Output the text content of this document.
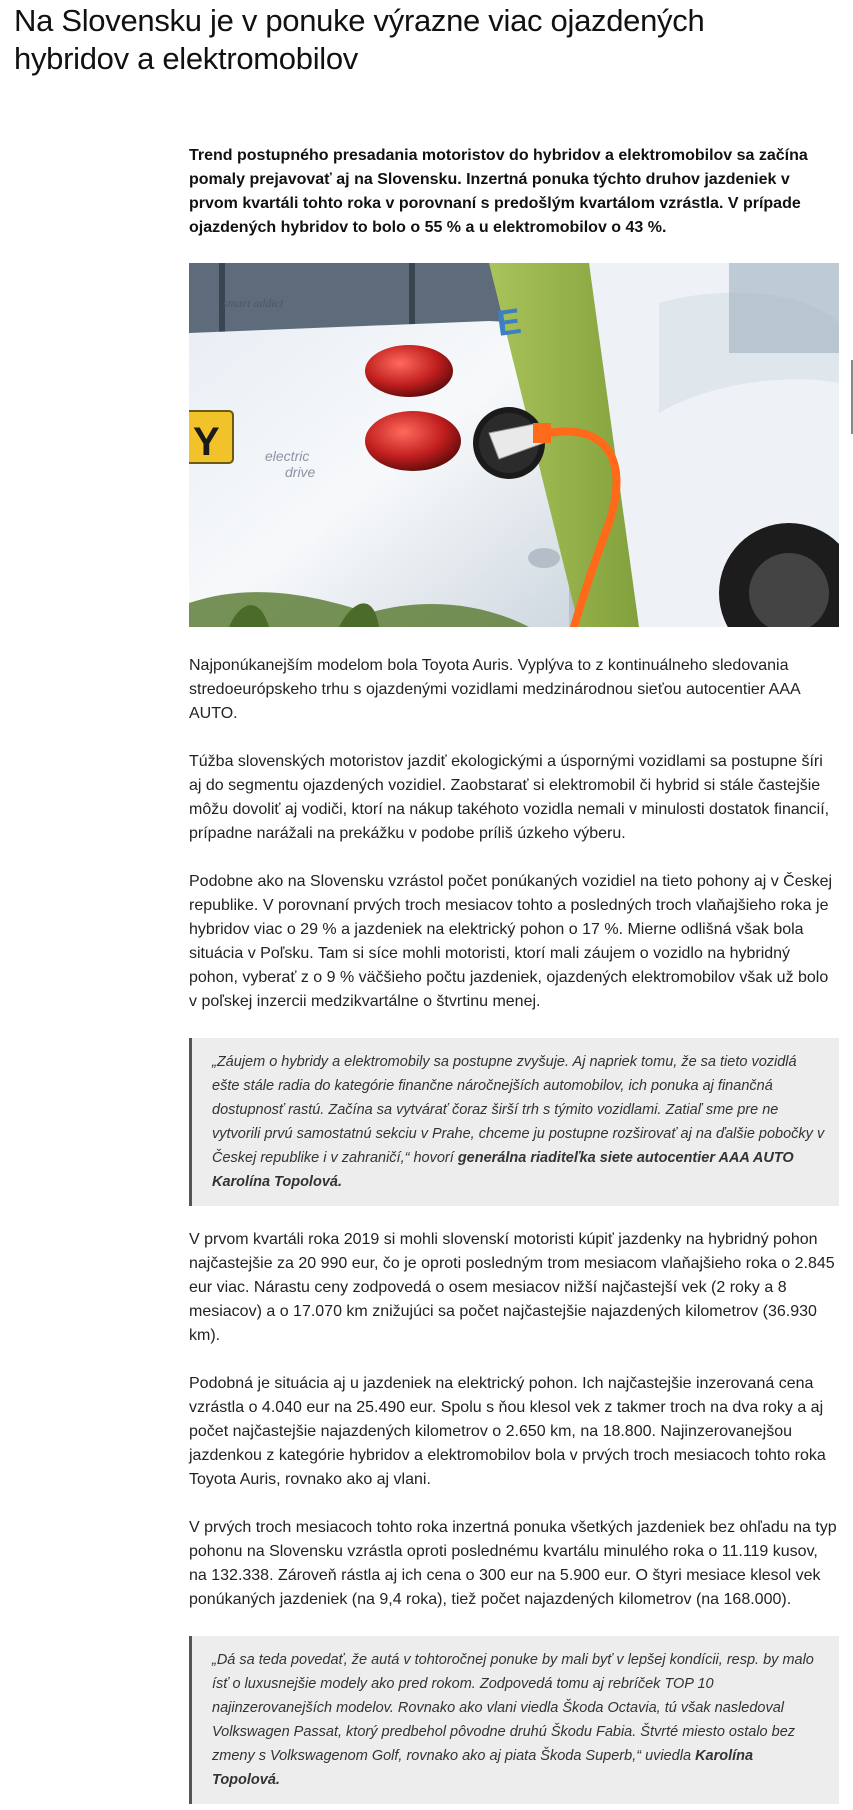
Na Slovensku je v ponuke výrazne viac ojazdených hybridov a elektromobilov

Trend postupného presadania motoristov do hybridov a elektromobilov sa začína pomaly prejavovať aj na Slovensku. Inzertná ponuka týchto druhov jazdeniek v prvom kvartáli tohto roka v porovnaní s predošlým kvartálom vzrástla. V prípade ojazdených hybridov to bolo o 55 % a u elektromobilov o 43 %.

E
Y
smart addict
electric
drive

Najponúkanejším modelom bola Toyota Auris. Vyplýva to z kontinuálneho sledovania stredoeurópskeho trhu s ojazdenými vozidlami medzinárodnou sieťou autocentier AAA AUTO.

Túžba slovenských motoristov jazdiť ekologickými a úspornými vozidlami sa postupne šíri aj do segmentu ojazdených vozidiel. Zaobstarať si elektromobil či hybrid si stále častejšie môžu dovoliť aj vodiči, ktorí na nákup takéhoto vozidla nemali v minulosti dostatok financií, prípadne narážali na prekážku v podobe príliš úzkeho výberu.

Podobne ako na Slovensku vzrástol počet ponúkaných vozidiel na tieto pohony aj v Českej republike. V porovnaní prvých troch mesiacov tohto a posledných troch vlaňajšieho roka je hybridov viac o 29 % a jazdeniek na elektrický pohon o 17 %. Mierne odlišná však bola situácia v Poľsku. Tam si síce mohli motoristi, ktorí mali záujem o vozidlo na hybridný pohon, vyberať z o 9 % väčšieho počtu jazdeniek, ojazdených elektromobilov však už bolo v poľskej inzercii medzikvartálne o štvrtinu menej.

„Záujem o hybridy a elektromobily sa postupne zvyšuje. Aj napriek tomu, že sa tieto vozidlá ešte stále radia do kategórie finančne náročnejších automobilov, ich ponuka aj finančná dostupnosť rastú. Začína sa vytvárať čoraz širší trh s týmito vozidlami. Zatiaľ sme pre ne vytvorili prvú samostatnú sekciu v Prahe, chceme ju postupne rozširovať aj na ďalšie pobočky v Českej republike i v zahraničí,“ hovorí generálna riaditeľka siete autocentier AAA AUTO Karolína Topolová.

V prvom kvartáli roka 2019 si mohli slovenskí motoristi kúpiť jazdenky na hybridný pohon najčastejšie za 20 990 eur, čo je oproti posledným trom mesiacom vlaňajšieho roka o 2.845 eur viac. Nárastu ceny zodpovedá o osem mesiacov nižší najčastejší vek (2 roky a 8 mesiacov) a o 17.070 km znižujúci sa počet najčastejšie najazdených kilometrov (36.930 km).

Podobná je situácia aj u jazdeniek na elektrický pohon. Ich najčastejšie inzerovaná cena vzrástla o 4.040 eur na 25.490 eur. Spolu s ňou klesol vek z takmer troch na dva roky a aj počet najčastejšie najazdených kilometrov o 2.650 km, na 18.800. Najinzerovanejšou jazdenkou z kategórie hybridov a elektromobilov bola v prvých troch mesiacoch tohto roka Toyota Auris, rovnako ako aj vlani.

V prvých troch mesiacoch tohto roka inzertná ponuka všetkých jazdeniek bez ohľadu na typ pohonu na Slovensku vzrástla oproti poslednému kvartálu minulého roka o 11.119 kusov, na 132.338. Zároveň rástla aj ich cena o 300 eur na 5.900 eur. O štyri mesiace klesol vek ponúkaných jazdeniek (na 9,4 roka), tiež počet najazdených kilometrov (na 168.000).

„Dá sa teda povedať, že autá v tohtoročnej ponuke by mali byť v lepšej kondícii, resp. by malo ísť o luxusnejšie modely ako pred rokom. Zodpovedá tomu aj rebríček TOP 10 najinzerovanejších modelov. Rovnako ako vlani viedla Škoda Octavia, tú však nasledoval Volkswagen Passat, ktorý predbehol pôvodne druhú Škodu Fabia. Štvrté miesto ostalo bez zmeny s Volkswagenom Golf, rovnako ako aj piata Škoda Superb,“ uviedla Karolína Topolová.
